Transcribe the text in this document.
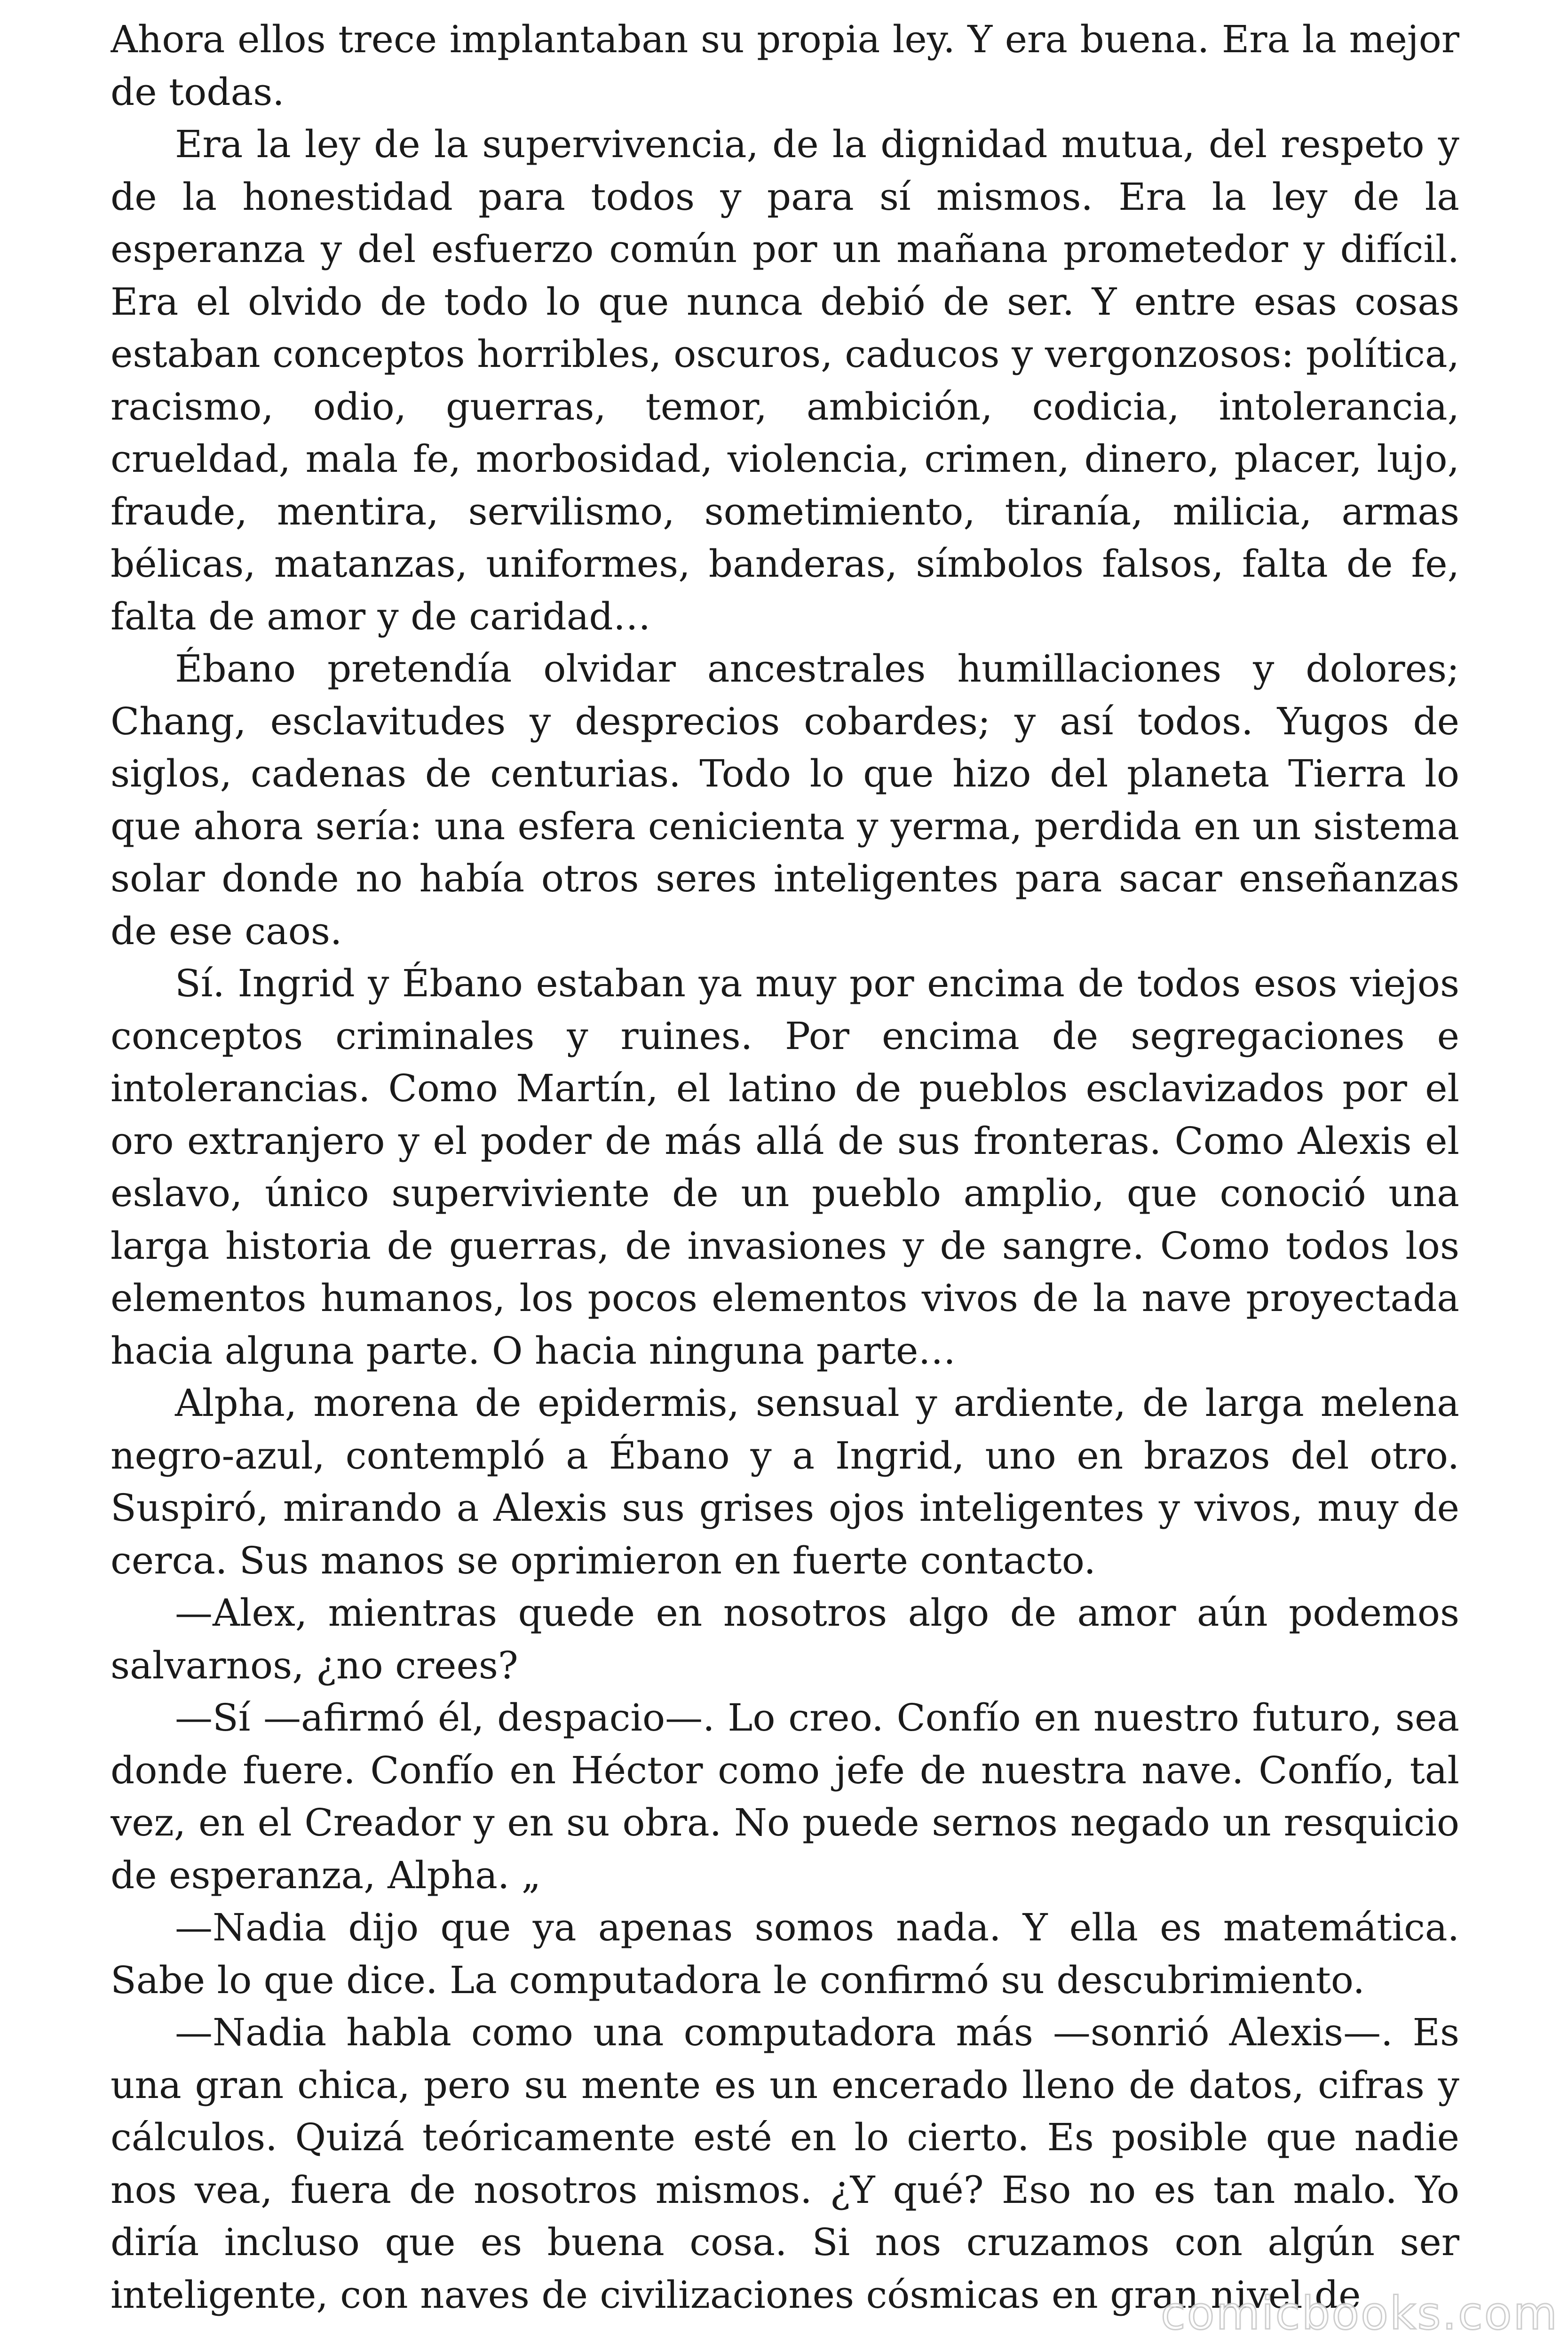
Ahora ellos trece implantaban su propia ley. Y era buena. Era la mejor de todas.

Era la ley de la supervivencia, de la dignidad mutua, del respeto y de la honestidad para todos y para sí mismos. Era la ley de la esperanza y del esfuerzo común por un mañana prometedor y difícil. Era el olvido de todo lo que nunca debió de ser. Y entre esas cosas estaban conceptos horribles, oscuros, caducos y vergonzosos: política, racismo, odio, guerras, temor, ambición, codicia, intolerancia, crueldad, mala fe, morbosidad, violencia, crimen, dinero, placer, lujo, fraude, mentira, servilismo, sometimiento, tiranía, milicia, armas bélicas, matanzas, uniformes, banderas, símbolos falsos, falta de fe, falta de amor y de caridad…

Ébano pretendía olvidar ancestrales humillaciones y dolores; Chang, esclavitudes y desprecios cobardes; y así todos. Yugos de siglos, cadenas de centurias. Todo lo que hizo del planeta Tierra lo que ahora sería: una esfera cenicienta y yerma, perdida en un sistema solar donde no había otros seres inteligentes para sacar enseñanzas de ese caos.

Sí. Ingrid y Ébano estaban ya muy por encima de todos esos viejos conceptos criminales y ruines. Por encima de segregaciones e intolerancias. Como Martín, el latino de pueblos esclavizados por el oro extranjero y el poder de más allá de sus fronteras. Como Alexis el eslavo, único superviviente de un pueblo amplio, que conoció una larga historia de guerras, de invasiones y de sangre. Como todos los elementos humanos, los pocos elementos vivos de la nave proyectada hacia alguna parte. O hacia ninguna parte…

Alpha, morena de epidermis, sensual y ardiente, de larga melena negro-azul, contempló a Ébano y a Ingrid, uno en brazos del otro. Suspiró, mirando a Alexis sus grises ojos inteligentes y vivos, muy de cerca. Sus manos se oprimieron en fuerte contacto.

—Alex, mientras quede en nosotros algo de amor aún podemos salvarnos, ¿no crees?

—Sí —afirmó él, despacio—. Lo creo. Confío en nuestro futuro, sea donde fuere. Confío en Héctor como jefe de nuestra nave. Confío, tal vez, en el Creador y en su obra. No puede sernos negado un resquicio de esperanza, Alpha. „

—Nadia dijo que ya apenas somos nada. Y ella es matemática. Sabe lo que dice. La computadora le confirmó su descubrimiento.

—Nadia habla como una computadora más —sonrió Alexis—. Es una gran chica, pero su mente es un encerado lleno de datos, cifras y cálculos. Quizá teóricamente esté en lo cierto. Es posible que nadie nos vea, fuera de nosotros mismos. ¿Y qué? Eso no es tan malo. Yo diría incluso que es buena cosa. Si nos cruzamos con algún ser inteligente, con naves de civilizaciones cósmicas en gran nivel de

comicbooks.com
